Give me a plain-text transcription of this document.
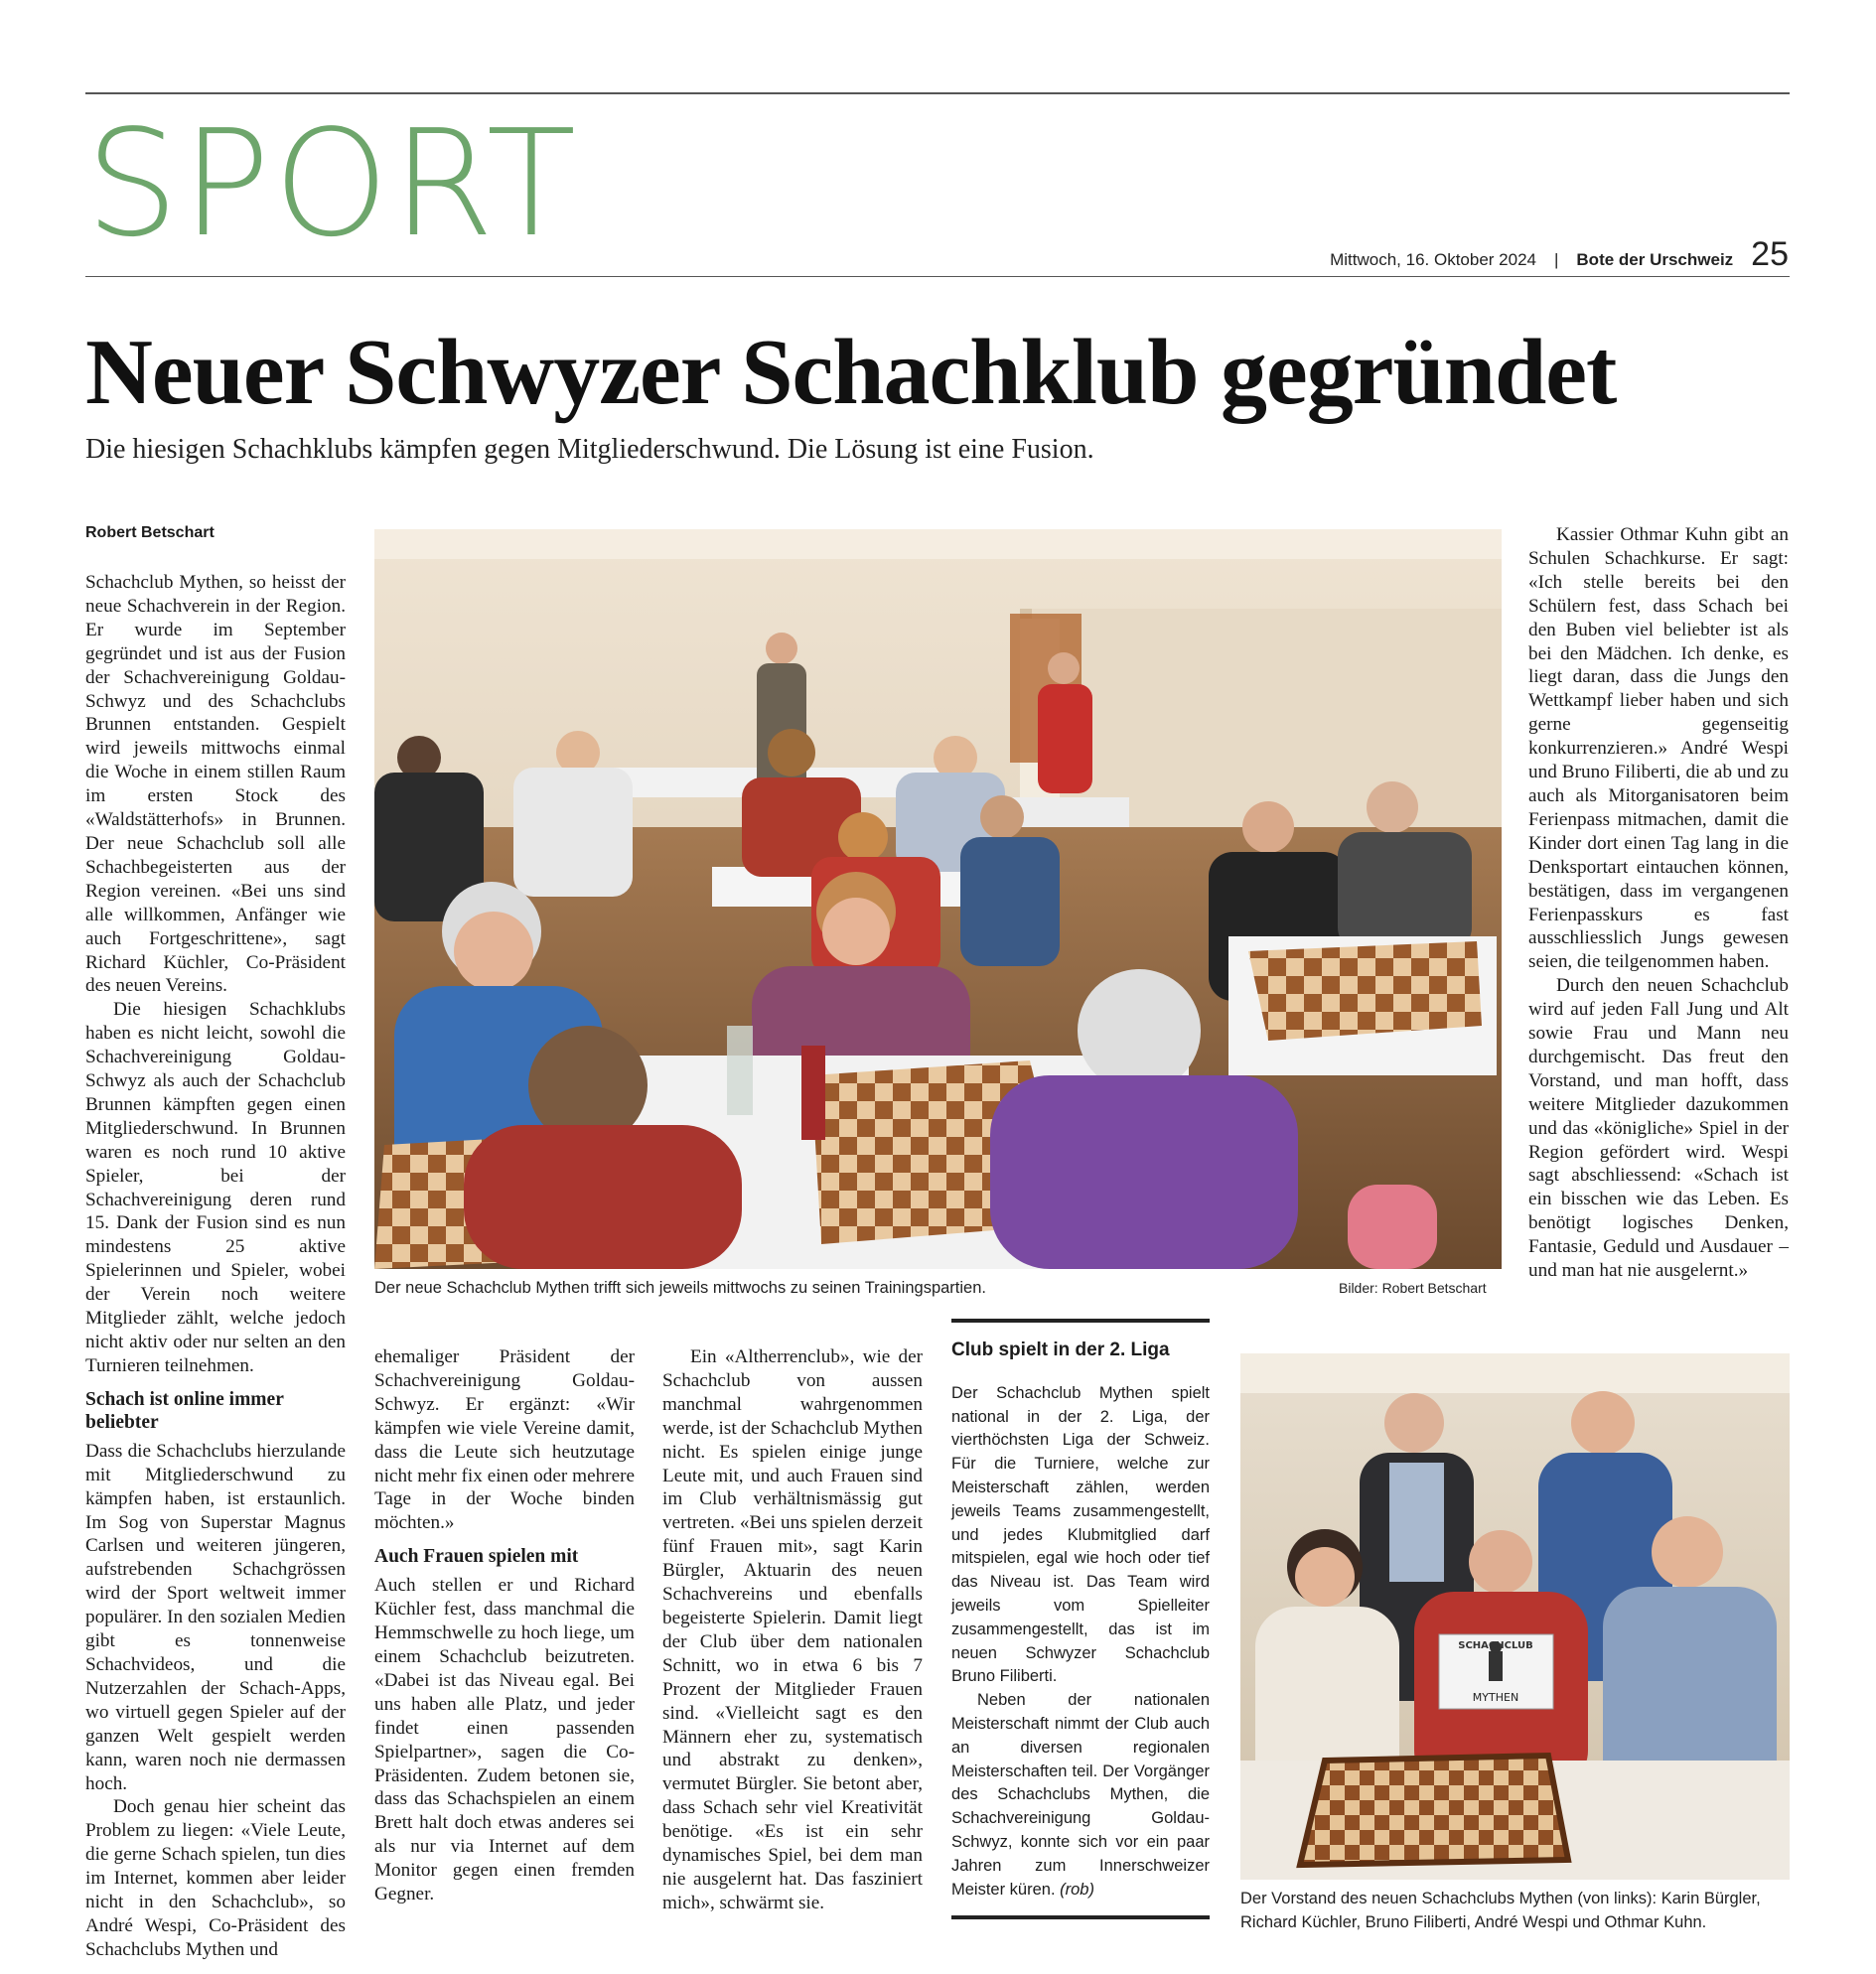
SPORT	Mittwoch, 16. Oktober 2024 | Bote der Urschweiz 25
Neuer Schwyzer Schachklub gegründet
Die hiesigen Schachklubs kämpfen gegen Mitgliederschwund. Die Lösung ist eine Fusion.
Robert Betschart

Schachclub Mythen, so heisst der neue Schachverein in der Region. Er wurde im September gegründet und ist aus der Fusion der Schachvereinigung Goldau-Schwyz und des Schachclubs Brunnen entstanden. Gespielt wird jeweils mittwochs einmal die Woche in einem stillen Raum im ersten Stock des «Waldstätterhofs» in Brunnen. Der neue Schachclub soll alle Schachbegeisterten aus der Region vereinen. «Bei uns sind alle willkommen, Anfänger wie auch Fortgeschrittene», sagt Richard Küchler, Co-Präsident des neuen Vereins.

Die hiesigen Schachklubs haben es nicht leicht, sowohl die Schachvereinigung Goldau-Schwyz als auch der Schachclub Brunnen kämpften gegen einen Mitgliederschwund. In Brunnen waren es noch rund 10 aktive Spieler, bei der Schachvereinigung deren rund 15. Dank der Fusion sind es nun mindestens 25 aktive Spielerinnen und Spieler, wobei der Verein noch weitere Mitglieder zählt, welche jedoch nicht aktiv oder nur selten an den Turnieren teilnehmen.

Schach ist online immer beliebter

Dass die Schachclubs hierzulande mit Mitgliederschwund zu kämpfen haben, ist erstaunlich. Im Sog von Superstar Magnus Carlsen und weiteren jüngeren, aufstrebenden Schachgrössen wird der Sport weltweit immer populärer. In den sozialen Medien gibt es tonnenweise Schachvideos, und die Nutzerzahlen der Schach-Apps, wo virtuell gegen Spieler auf der ganzen Welt gespielt werden kann, waren noch nie dermassen hoch.

Doch genau hier scheint das Problem zu liegen: «Viele Leute, die gerne Schach spielen, tun dies im Internet, kommen aber leider nicht in den Schachclub», so André Wespi, Co-Präsident des Schachclubs Mythen und

Der neue Schachclub Mythen trifft sich jeweils mittwochs zu seinen Trainingspartien.	Bilder: Robert Betschart

ehemaliger Präsident der Schachvereinigung Goldau-Schwyz. Er ergänzt: «Wir kämpfen wie viele Vereine damit, dass die Leute sich heutzutage nicht mehr fix einen oder mehrere Tage in der Woche binden möchten.»

Auch Frauen spielen mit

Auch stellen er und Richard Küchler fest, dass manchmal die Hemmschwelle zu hoch liege, um einem Schachclub beizutreten. «Dabei ist das Niveau egal. Bei uns haben alle Platz, und jeder findet einen passenden Spielpartner», sagen die Co-Präsidenten. Zudem betonen sie, dass das Schachspielen an einem Brett halt doch etwas anderes sei als nur via Internet auf dem Monitor gegen einen fremden Gegner.

Ein «Altherrenclub», wie der Schachclub von aussen manchmal wahrgenommen werde, ist der Schachclub Mythen nicht. Es spielen einige junge Leute mit, und auch Frauen sind im Club verhältnismässig gut vertreten. «Bei uns spielen derzeit fünf Frauen mit», sagt Karin Bürgler, Aktuarin des neuen Schachvereins und ebenfalls begeisterte Spielerin. Damit liegt der Club über dem nationalen Schnitt, wo in etwa 6 bis 7 Prozent der Mitglieder Frauen sind. «Vielleicht sagt es den Männern eher zu, systematisch und abstrakt zu denken», vermutet Bürgler. Sie betont aber, dass Schach sehr viel Kreativität benötige. «Es ist ein sehr dynamisches Spiel, bei dem man nie ausgelernt hat. Das fasziniert mich», schwärmt sie.

Club spielt in der 2. Liga

Der Schachclub Mythen spielt national in der 2. Liga, der vierthöchsten Liga der Schweiz. Für die Turniere, welche zur Meisterschaft zählen, werden jeweils Teams zusammengestellt, und jedes Klubmitglied darf mitspielen, egal wie hoch oder tief das Niveau ist. Das Team wird jeweils vom Spielleiter zusammengestellt, das ist im neuen Schwyzer Schachclub Bruno Filiberti.

Neben der nationalen Meisterschaft nimmt der Club auch an diversen regionalen Meisterschaften teil. Der Vorgänger des Schachclubs Mythen, die Schachvereinigung Goldau-Schwyz, konnte sich vor ein paar Jahren zum Innerschweizer Meister küren. (rob)

Kassier Othmar Kuhn gibt an Schulen Schachkurse. Er sagt: «Ich stelle bereits bei den Schülern fest, dass Schach bei den Buben viel beliebter ist als bei den Mädchen. Ich denke, es liegt daran, dass die Jungs den Wettkampf lieber haben und sich gerne gegenseitig konkurrenzieren.» André Wespi und Bruno Filiberti, die ab und zu auch als Mitorganisatoren beim Ferienpass mitmachen, damit die Kinder dort einen Tag lang in die Denksportart eintauchen können, bestätigen, dass im vergangenen Ferienpasskurs es fast ausschliesslich Jungs gewesen seien, die teilgenommen haben.

Durch den neuen Schachclub wird auf jeden Fall Jung und Alt sowie Frau und Mann neu durchgemischt. Das freut den Vorstand, und man hofft, dass weitere Mitglieder dazukommen und das «königliche» Spiel in der Region gefördert wird. Wespi sagt abschliessend: «Schach ist ein bisschen wie das Leben. Es benötigt logisches Denken, Fantasie, Geduld und Ausdauer – und man hat nie ausgelernt.»

SCHACHCLUB
MYTHEN
Der Vorstand des neuen Schachclubs Mythen (von links): Karin Bürgler, Richard Küchler, Bruno Filiberti, André Wespi und Othmar Kuhn.
